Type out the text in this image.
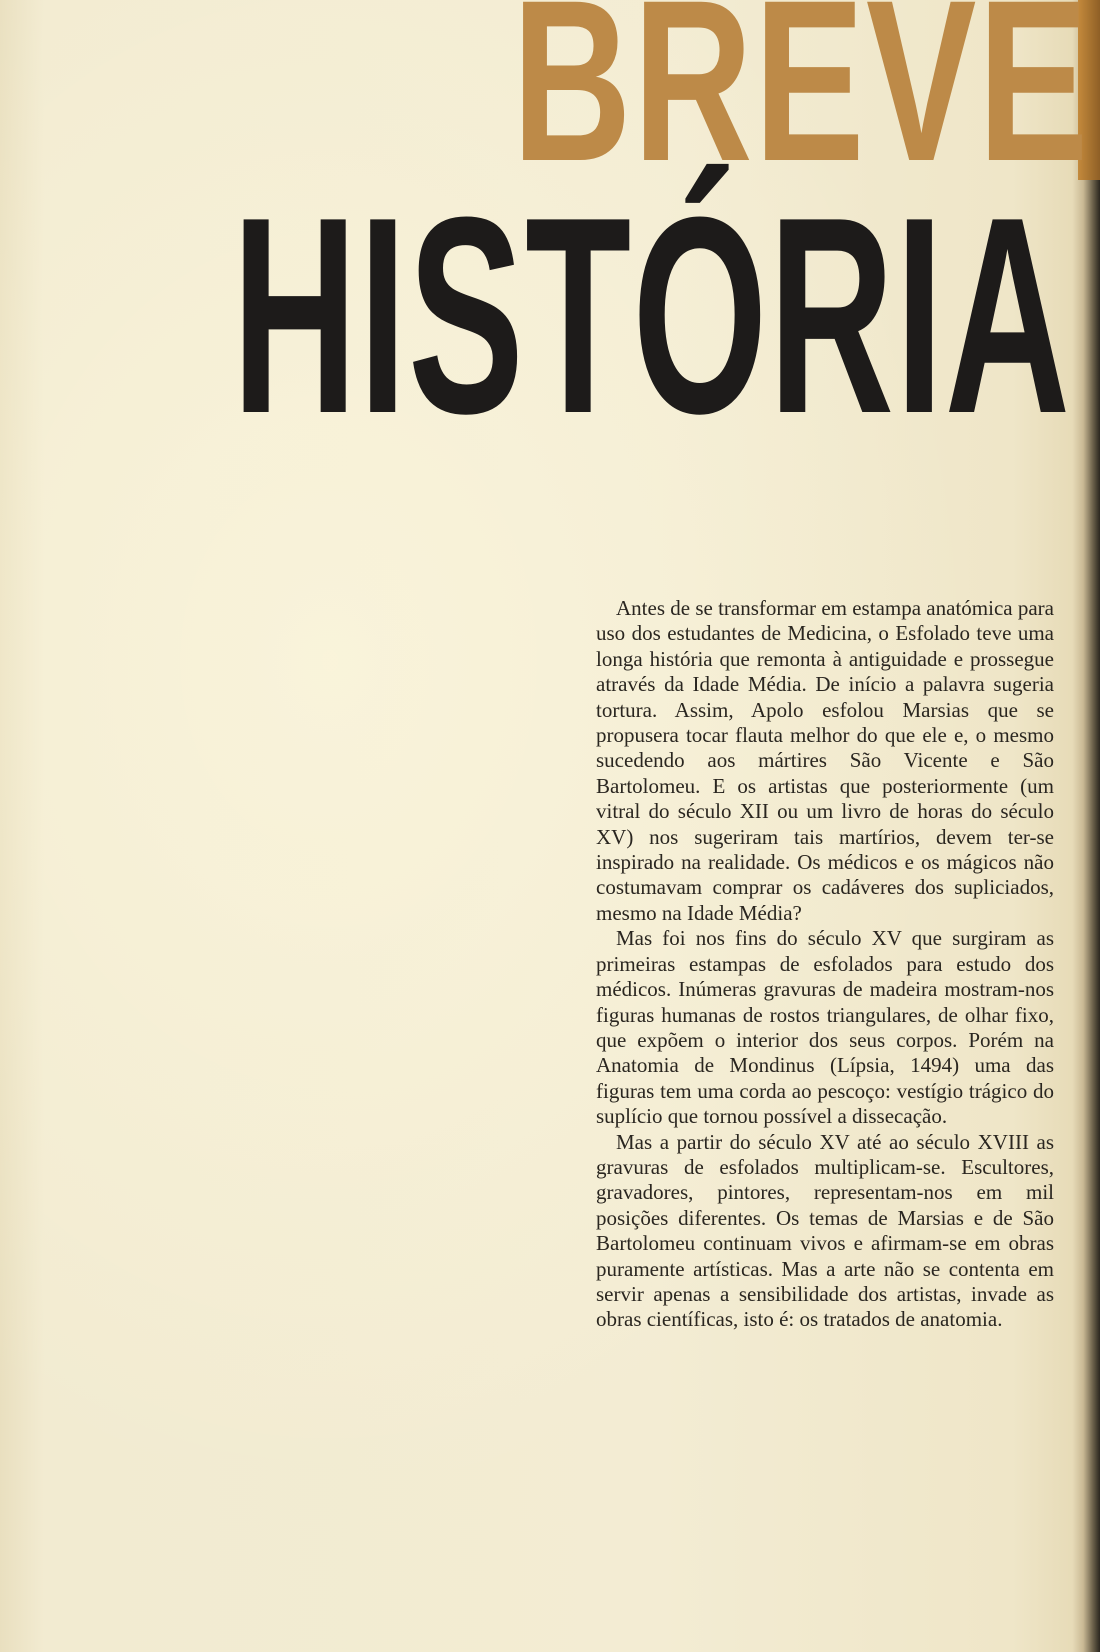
BREVE
HISTÓRIA

Antes de se transformar em estampa anatómica para uso dos estudantes de Medicina, o Esfolado teve uma longa história que remonta à antiguidade e prossegue através da Idade Média. De início a palavra sugeria tortura. Assim, Apolo esfolou Marsias que se propusera tocar flauta melhor do que ele e, o mesmo sucedendo aos mártires São Vicente e São Bartolomeu. E os artistas que posteriormente (um vitral do século XII ou um livro de horas do século XV) nos sugeriram tais martírios, devem ter-se inspirado na realidade. Os médicos e os mágicos não costumavam comprar os cadáveres dos supliciados, mesmo na Idade Média?

Mas foi nos fins do século XV que surgiram as primeiras estampas de esfolados para estudo dos médicos. Inúmeras gravuras de madeira mostram-nos figuras humanas de rostos triangulares, de olhar fixo, que expõem o interior dos seus corpos. Porém na Anatomia de Mondinus (Lípsia, 1494) uma das figuras tem uma corda ao pescoço: vestígio trágico do suplício que tornou possível a dissecação.

Mas a partir do século XV até ao século XVIII as gravuras de esfolados multiplicam-se. Escultores, gravadores, pintores, representam-nos em mil posições diferentes. Os temas de Marsias e de São Bartolomeu continuam vivos e afirmam-se em obras puramente artísticas. Mas a arte não se contenta em servir apenas a sensibilidade dos artistas, invade as obras científicas, isto é: os tratados de anatomia.
